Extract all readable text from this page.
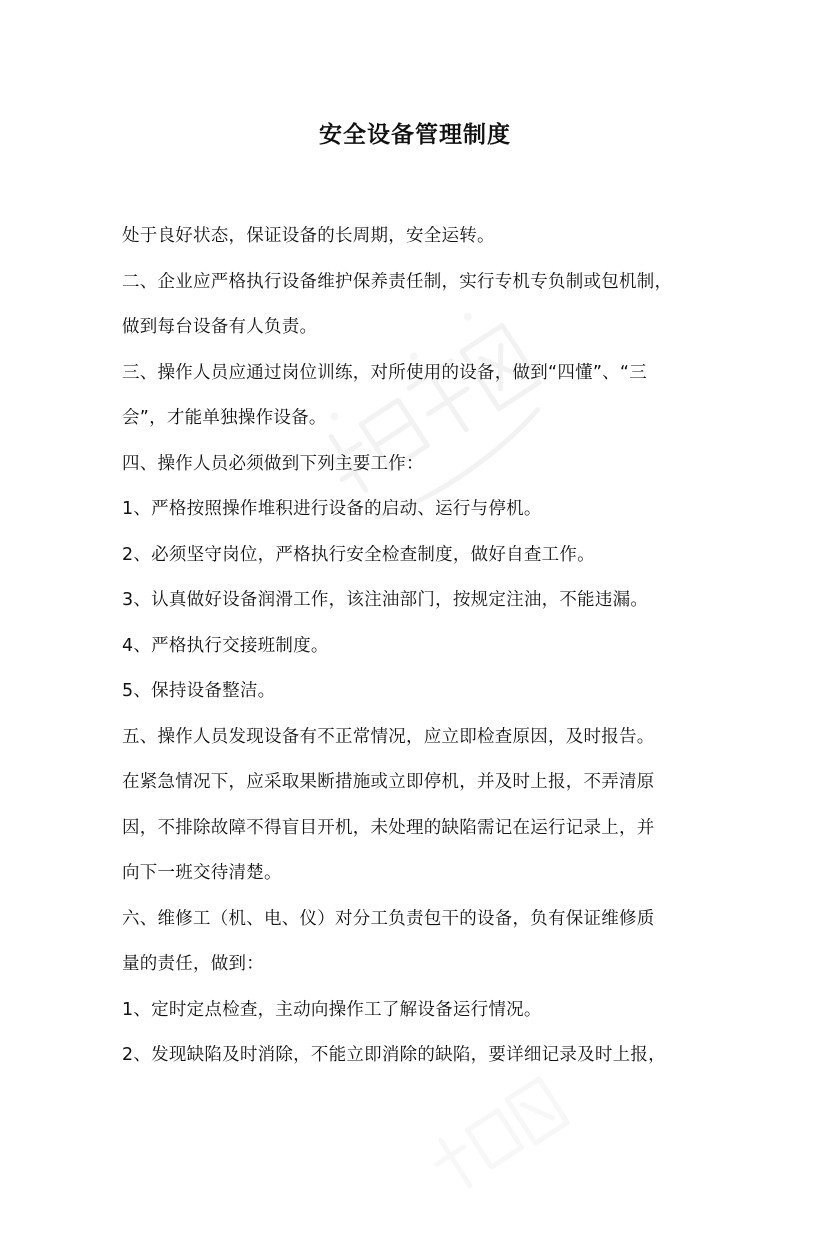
安全设备管理制度

处于良好状态，保证设备的长周期，安全运转。

二、企业应严格执行设备维护保养责任制，实行专机专负制或包机制，
做到每台设备有人负责。

三、操作人员应通过岗位训练，对所使用的设备，做到“四懂”、“三
会”，才能单独操作设备。

四、操作人员必须做到下列主要工作：

1、严格按照操作堆积进行设备的启动、运行与停机。

2、必须坚守岗位，严格执行安全检查制度，做好自查工作。

3、认真做好设备润滑工作，该注油部门，按规定注油，不能违漏。

4、严格执行交接班制度。

5、保持设备整洁。

五、操作人员发现设备有不正常情况，应立即检查原因，及时报告。
在紧急情况下，应采取果断措施或立即停机，并及时上报，不弄清原
因，不排除故障不得盲目开机，未处理的缺陷需记在运行记录上，并
向下一班交待清楚。

六、维修工（机、电、仪）对分工负责包干的设备，负有保证维修质
量的责任，做到：

1、定时定点检查，主动向操作工了解设备运行情况。

2、发现缺陷及时消除，不能立即消除的缺陷，要详细记录及时上报，
